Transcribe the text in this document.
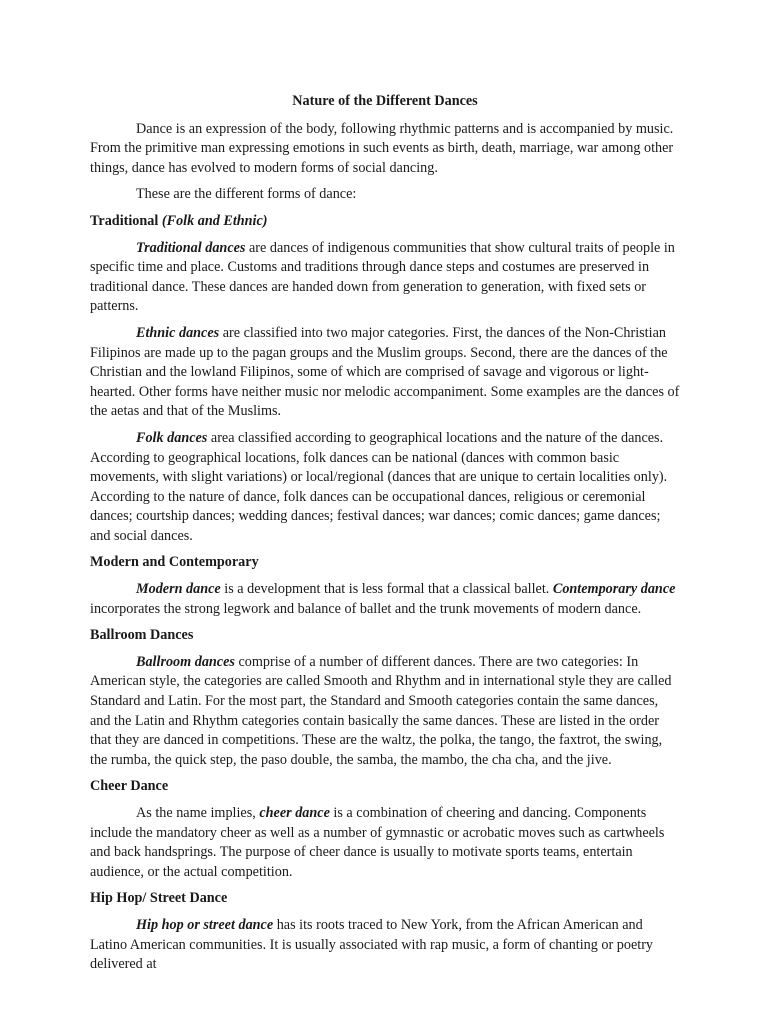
Nature of the Different Dances

Dance is an expression of the body, following rhythmic patterns and is accompanied by music. From the primitive man expressing emotions in such events as birth, death, marriage, war among other things, dance has evolved to modern forms of social dancing.

These are the different forms of dance:

Traditional (Folk and Ethnic)

Traditional dances are dances of indigenous communities that show cultural traits of people in specific time and place. Customs and traditions through dance steps and costumes are preserved in traditional dance. These dances are handed down from generation to generation, with fixed sets or patterns.

Ethnic dances are classified into two major categories. First, the dances of the Non-Christian Filipinos are made up to the pagan groups and the Muslim groups. Second, there are the dances of the Christian and the lowland Filipinos, some of which are comprised of savage and vigorous or light-hearted. Other forms have neither music nor melodic accompaniment. Some examples are the dances of the aetas and that of the Muslims.

Folk dances area classified according to geographical locations and the nature of the dances. According to geographical locations, folk dances can be national (dances with common basic movements, with slight variations) or local/regional (dances that are unique to certain localities only). According to the nature of dance, folk dances can be occupational dances, religious or ceremonial dances; courtship dances; wedding dances; festival dances; war dances; comic dances; game dances; and social dances.

Modern and Contemporary

Modern dance is a development that is less formal that a classical ballet. Contemporary dance incorporates the strong legwork and balance of ballet and the trunk movements of modern dance.

Ballroom Dances

Ballroom dances comprise of a number of different dances. There are two categories: In American style, the categories are called Smooth and Rhythm and in international style they are called Standard and Latin. For the most part, the Standard and Smooth categories contain the same dances, and the Latin and Rhythm categories contain basically the same dances. These are listed in the order that they are danced in competitions. These are the waltz, the polka, the tango, the faxtrot, the swing, the rumba, the quick step, the paso double, the samba, the mambo, the cha cha, and the jive.

Cheer Dance

As the name implies, cheer dance is a combination of cheering and dancing. Components include the mandatory cheer as well as a number of gymnastic or acrobatic moves such as cartwheels and back handsprings. The purpose of cheer dance is usually to motivate sports teams, entertain audience, or the actual competition.

Hip Hop/ Street Dance

Hip hop or street dance has its roots traced to New York, from the African American and Latino American communities. It is usually associated with rap music, a form of chanting or poetry delivered at
